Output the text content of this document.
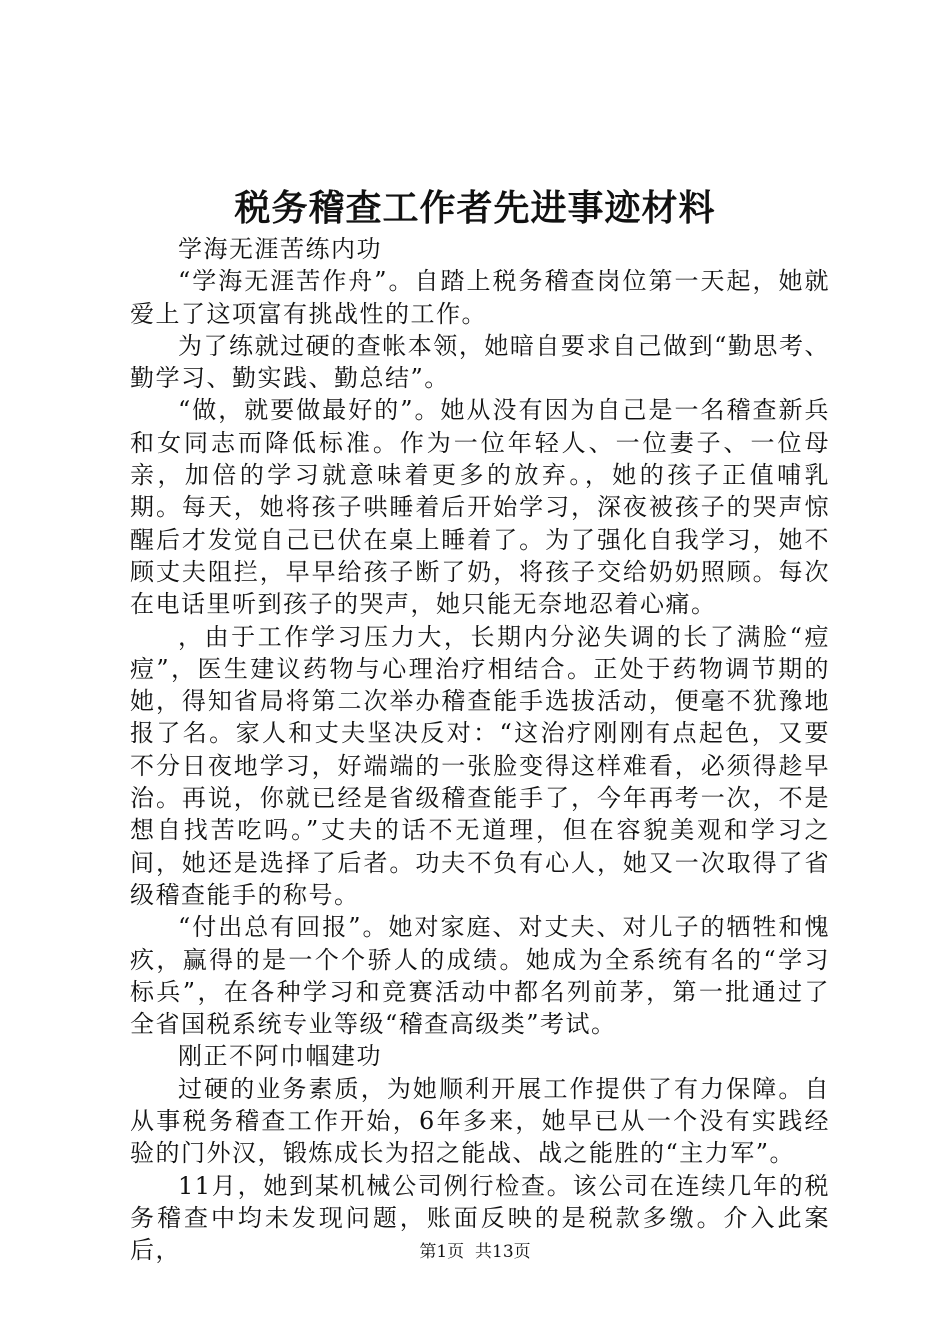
税务稽查工作者先进事迹材料

学海无涯苦练内功

“学海无涯苦作舟”。自踏上税务稽查岗位第一天起，她就爱上了这项富有挑战性的工作。

为了练就过硬的查帐本领，她暗自要求自己做到“勤思考、勤学习、勤实践、勤总结”。

“做，就要做最好的”。她从没有因为自己是一名稽查新兵和女同志而降低标准。作为一位年轻人、一位妻子、一位母亲，加倍的学习就意味着更多的放弃。，她的孩子正值哺乳期。每天，她将孩子哄睡着后开始学习，深夜被孩子的哭声惊醒后才发觉自己已伏在桌上睡着了。为了强化自我学习，她不顾丈夫阻拦，早早给孩子断了奶，将孩子交给奶奶照顾。每次在电话里听到孩子的哭声，她只能无奈地忍着心痛。

，由于工作学习压力大，长期内分泌失调的长了满脸“痘痘”，医生建议药物与心理治疗相结合。正处于药物调节期的她，得知省局将第二次举办稽查能手选拔活动，便毫不犹豫地报了名。家人和丈夫坚决反对：“这治疗刚刚有点起色，又要不分日夜地学习，好端端的一张脸变得这样难看，必须得趁早治。再说，你就已经是省级稽查能手了，今年再考一次，不是想自找苦吃吗。”丈夫的话不无道理，但在容貌美观和学习之间，她还是选择了后者。功夫不负有心人，她又一次取得了省级稽查能手的称号。

“付出总有回报”。她对家庭、对丈夫、对儿子的牺牲和愧疚，赢得的是一个个骄人的成绩。她成为全系统有名的“学习标兵”，在各种学习和竞赛活动中都名列前茅，第一批通过了全省国税系统专业等级“稽查高级类”考试。

刚正不阿巾帼建功

过硬的业务素质，为她顺利开展工作提供了有力保障。自从事税务稽查工作开始，6年多来，她早已从一个没有实践经验的门外汉，锻炼成长为招之能战、战之能胜的“主力军”。

11月，她到某机械公司例行检查。该公司在连续几年的税务稽查中均未发现问题，账面反映的是税款多缴。介入此案后，	第1页 共13页
